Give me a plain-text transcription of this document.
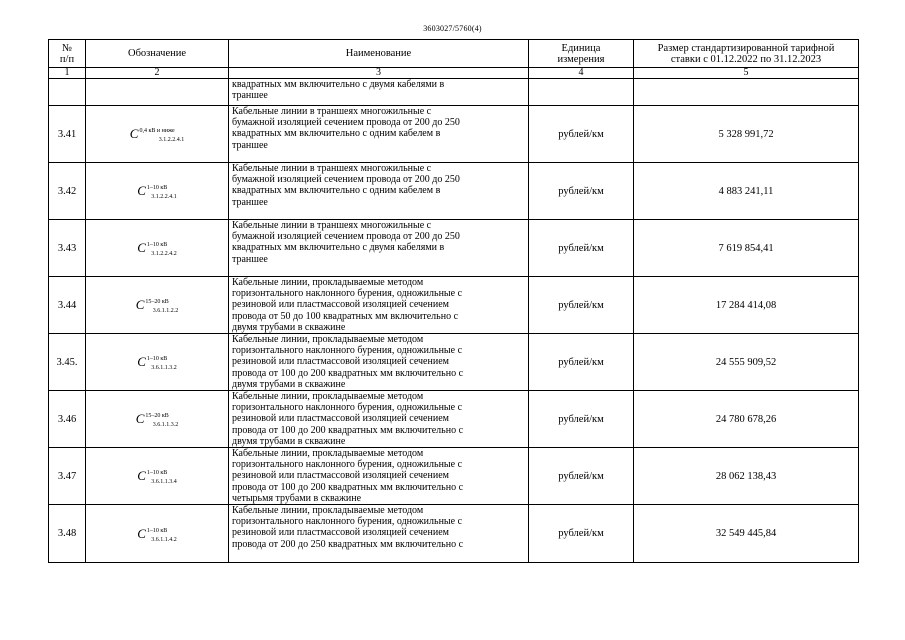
3603027/5760(4)
№
п/п	Обозначение	Наименование	Единица
измерения	Размер стандартизированной тарифной
ставки с 01.12.2022 по 31.12.2023
1	2	3	4	5

		квадратных мм включительно с двумя кабелями в
траншее		

3.41	$C^{0,4 кВ и ниже}3.1.2.2.4.1$	Кабельные линии в траншеях многожильные с
бумажной изоляцией сечением провода от 200 до 250
квадратных мм включительно с одним кабелем в
траншее	рублей/км	5 328 991,72
3.42	$C^{1-10 кВ}3.1.2.2.4.1$	Кабельные линии в траншеях многожильные с
бумажной изоляцией сечением провода от 200 до 250
квадратных мм включительно с одним кабелем в
траншее	рублей/км	4 883 241,11
3.43	$C^{1-10 кВ}3.1.2.2.4.2$	Кабельные линии в траншеях многожильные с
бумажной изоляцией сечением провода от 200 до 250
квадратных мм включительно с двумя кабелями в
траншее	рублей/км	7 619 854,41
3.44	$C^{15-20 кВ}3.6.1.1.2.2$	Кабельные линии, прокладываемые методом
горизонтального наклонного бурения, одножильные с
резиновой или пластмассовой изоляцией сечением
провода от 50 до 100 квадратных мм включительно с
двумя трубами в скважине	рублей/км	17 284 414,08
3.45.	$C^{1-10 кВ}3.6.1.1.3.2$	Кабельные линии, прокладываемые методом
горизонтального наклонного бурения, одножильные с
резиновой или пластмассовой изоляцией сечением
провода от 100 до 200 квадратных мм включительно с
двумя трубами в скважине	рублей/км	24 555 909,52
3.46	$C^{15-20 кВ}3.6.1.1.3.2$	Кабельные линии, прокладываемые методом
горизонтального наклонного бурения, одножильные с
резиновой или пластмассовой изоляцией сечением
провода от 100 до 200 квадратных мм включительно с
двумя трубами в скважине	рублей/км	24 780 678,26
3.47	$C^{1-10 кВ}3.6.1.1.3.4$	Кабельные линии, прокладываемые методом
горизонтального наклонного бурения, одножильные с
резиновой или пластмассовой изоляцией сечением
провода от 100 до 200 квадратных мм включительно с
четырьмя трубами в скважине	рублей/км	28 062 138,43
3.48	$C^{1-10 кВ}3.6.1.1.4.2$	Кабельные линии, прокладываемые методом
горизонтального наклонного бурения, одножильные с
резиновой или пластмассовой изоляцией сечением
провода от 200 до 250 квадратных мм включительно с	рублей/км	32 549 445,84
